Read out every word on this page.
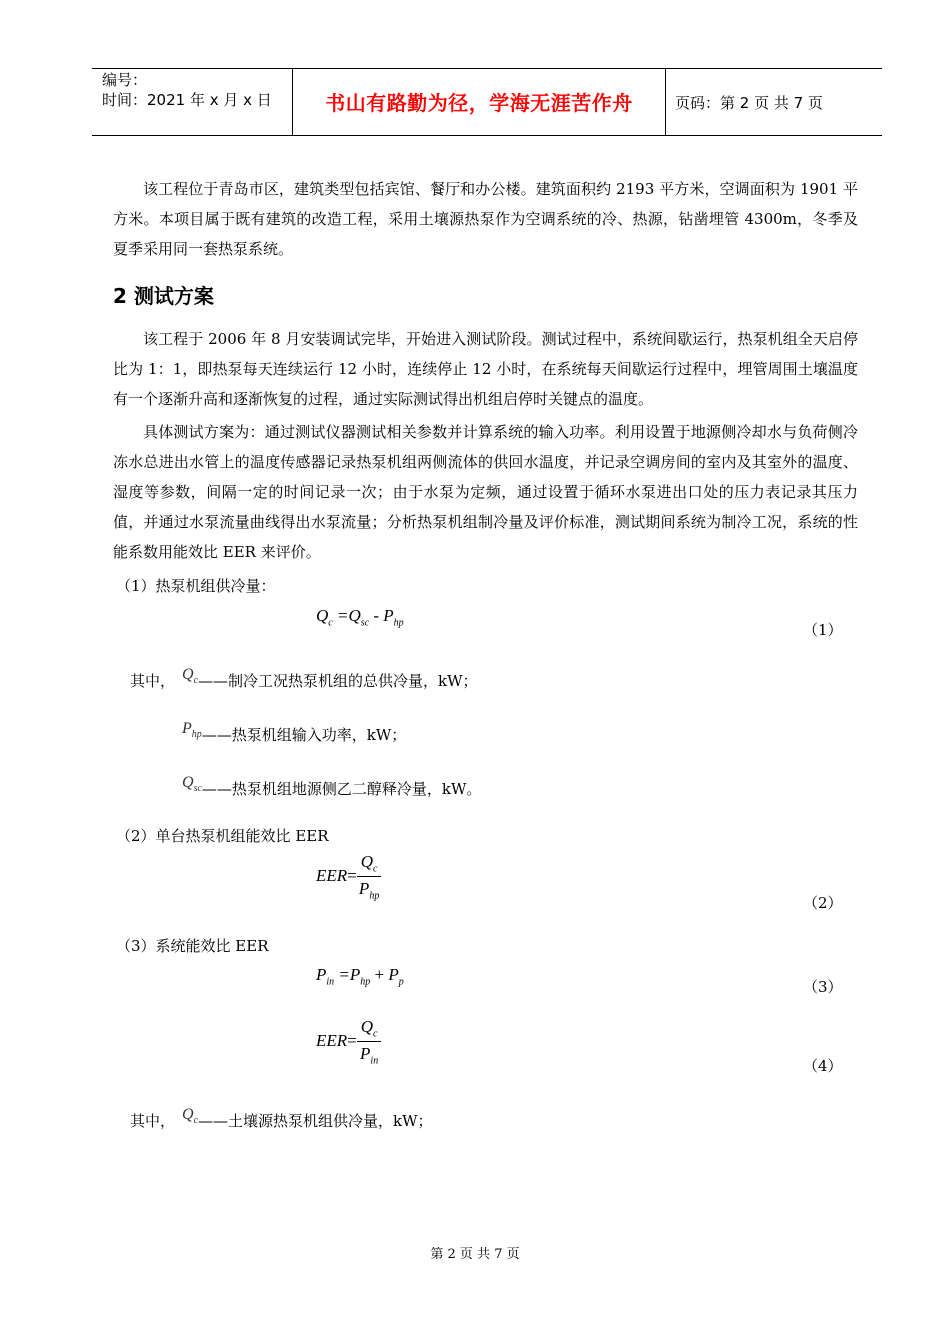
编号：
时间：2021 年 x 月 x 日	书山有路勤为径，学海无涯苦作舟	页码：第 2 页 共 7 页

该工程位于青岛市区，建筑类型包括宾馆、餐厅和办公楼。建筑面积约 2193 平方米，空调面积为 1901 平方米。本项目属于既有建筑的改造工程，采用土壤源热泵作为空调系统的冷、热源，钻凿埋管 4300m，冬季及夏季采用同一套热泵系统。

2 测试方案

该工程于 2006 年 8 月安装调试完毕，开始进入测试阶段。测试过程中，系统间歇运行，热泵机组全天启停比为 1：1，即热泵每天连续运行 12 小时，连续停止 12 小时，在系统每天间歇运行过程中，埋管周围土壤温度有一个逐渐升高和逐渐恢复的过程，通过实际测试得出机组启停时关键点的温度。

具体测试方案为：通过测试仪器测试相关参数并计算系统的输入功率。利用设置于地源侧冷却水与负荷侧冷冻水总进出水管上的温度传感器记录热泵机组两侧流体的供回水温度，并记录空调房间的室内及其室外的温度、湿度等参数，间隔一定的时间记录一次；由于水泵为定频，通过设置于循环水泵进出口处的压力表记录其压力值，并通过水泵流量曲线得出水泵流量；分析热泵机组制冷量及评价标准，测试期间系统为制冷工况，系统的性能系数用能效比 EER 来评价。

（1）热泵机组供冷量：
$Q_c =Q_{sc} - P_{hp}$	（1）
其中， $Q_c——$制冷工况热泵机组的总供冷量，kW；
$P_{hp}——$热泵机组输入功率，kW；
$Q_{sc}——$热泵机组地源侧乙二醇释冷量，kW。
（2）单台热泵机组能效比 EER
$EER= \frac{Q_c}{P_{hp}}$
（2）
（3）系统能效比 EER
$P_{in} =P_{hp} + P_p$	（3）
$EER= \frac{Q_c}{P_{in}}$	（4）
其中， $Q_c——$土壤源热泵机组供冷量，kW；
第 2 页 共 7 页
